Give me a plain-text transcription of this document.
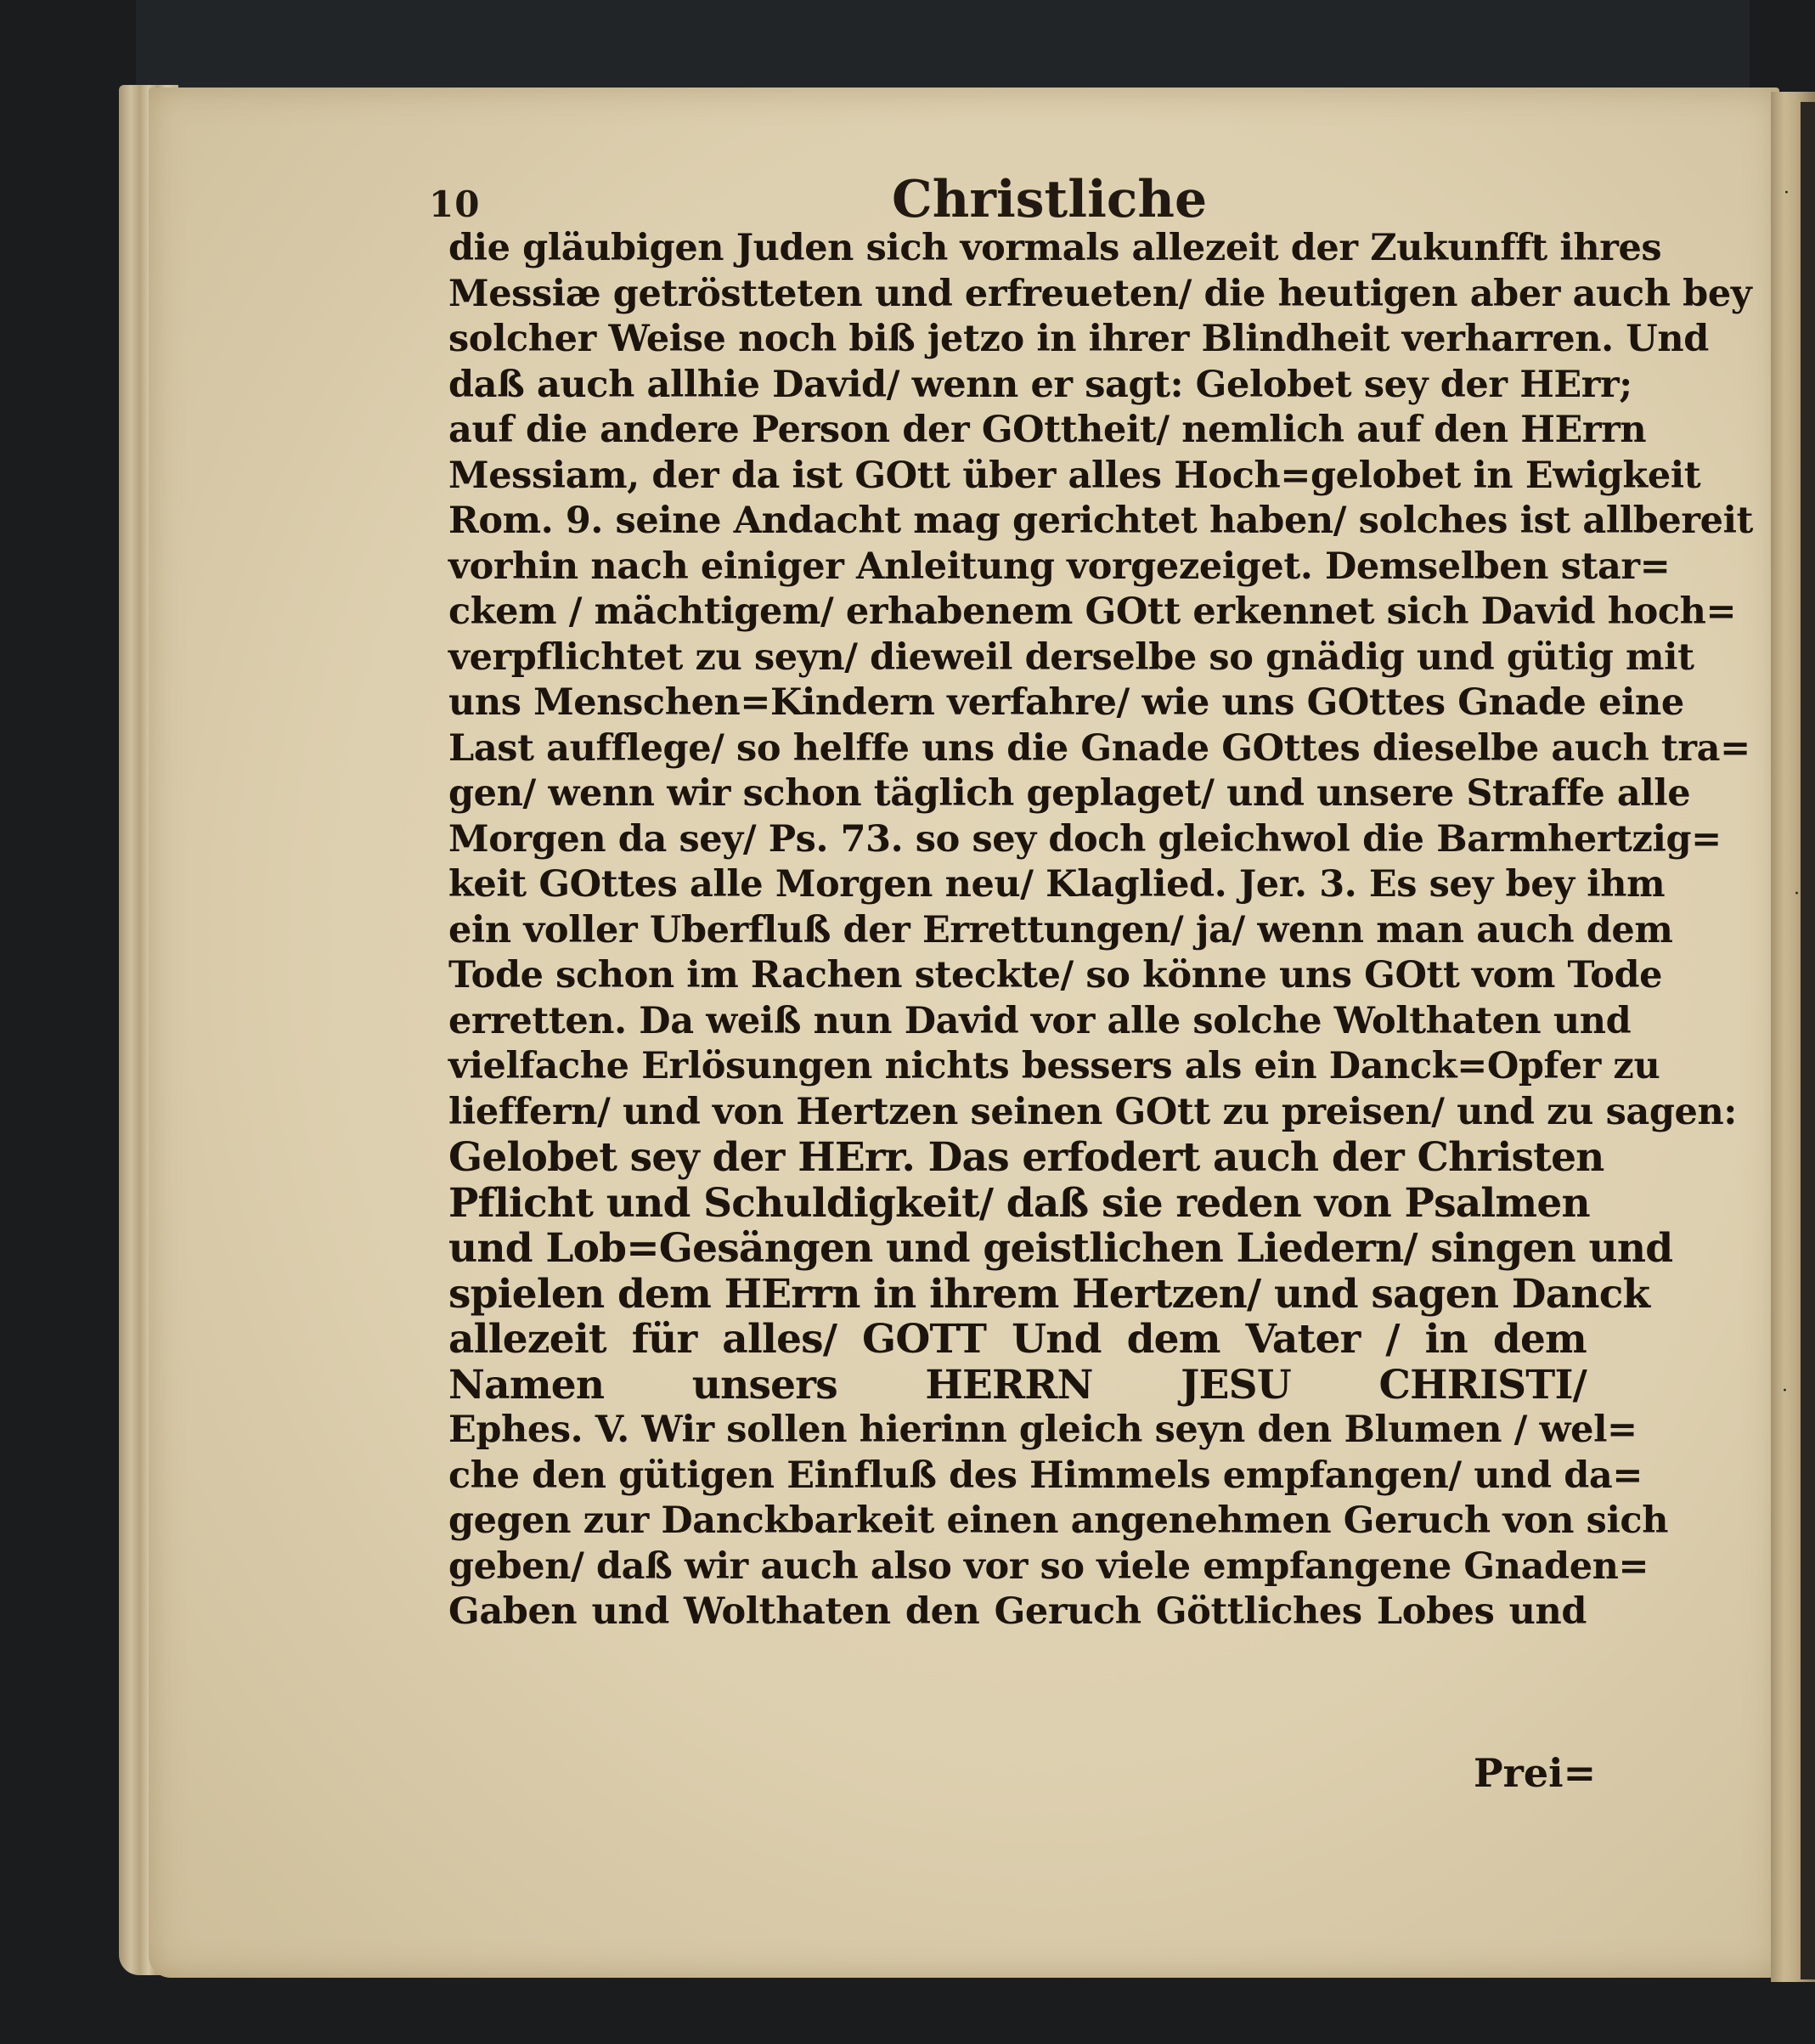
·
·
·
10	Christliche
die gläubigen Juden sich vormals allezeit der Zukunfft ihres
Messiæ getröstteten und erfreueten/ die heutigen aber auch bey
solcher Weise noch biß jetzo in ihrer Blindheit verharren. Und
daß auch allhie David/ wenn er sagt: Gelobet sey der HErr;
auf die andere Person der GOttheit/ nemlich auf den HErrn
Messiam, der da ist GOtt über alles Hoch=gelobet in Ewigkeit
Rom. 9. seine Andacht mag gerichtet haben/ solches ist allbereit
vorhin nach einiger Anleitung vorgezeiget. Demselben star=
ckem / mächtigem/ erhabenem GOtt erkennet sich David hoch=
verpflichtet zu seyn/ dieweil derselbe so gnädig und gütig mit
uns Menschen=Kindern verfahre/ wie uns GOttes Gnade eine
Last aufflege/ so helffe uns die Gnade GOttes dieselbe auch tra=
gen/ wenn wir schon täglich geplaget/ und unsere Straffe alle
Morgen da sey/ Ps. 73. so sey doch gleichwol die Barmhertzig=
keit GOttes alle Morgen neu/ Klaglied. Jer. 3. Es sey bey ihm
ein voller Uberfluß der Errettungen/ ja/ wenn man auch dem
Tode schon im Rachen steckte/ so könne uns GOtt vom Tode
erretten. Da weiß nun David vor alle solche Wolthaten und
vielfache Erlösungen nichts bessers als ein Danck=Opfer zu
lieffern/ und von Hertzen seinen GOtt zu preisen/ und zu sagen:
Gelobet sey der HErr. Das erfodert auch der Christen
Pflicht und Schuldigkeit/ daß sie reden von Psalmen
und Lob=Gesängen und geistlichen Liedern/ singen und
spielen dem HErrn in ihrem Hertzen/ und sagen Danck
allezeit für alles/ GOTT Und dem Vater / in dem
Namen unsers HERRN JESU CHRISTI/
Ephes. V. Wir sollen hierinn gleich seyn den Blumen / wel=
che den gütigen Einfluß des Himmels empfangen/ und da=
gegen zur Danckbarkeit einen angenehmen Geruch von sich
geben/ daß wir auch also vor so viele empfangene Gnaden=
Gaben und Wolthaten den Geruch Göttliches Lobes und
Prei=
